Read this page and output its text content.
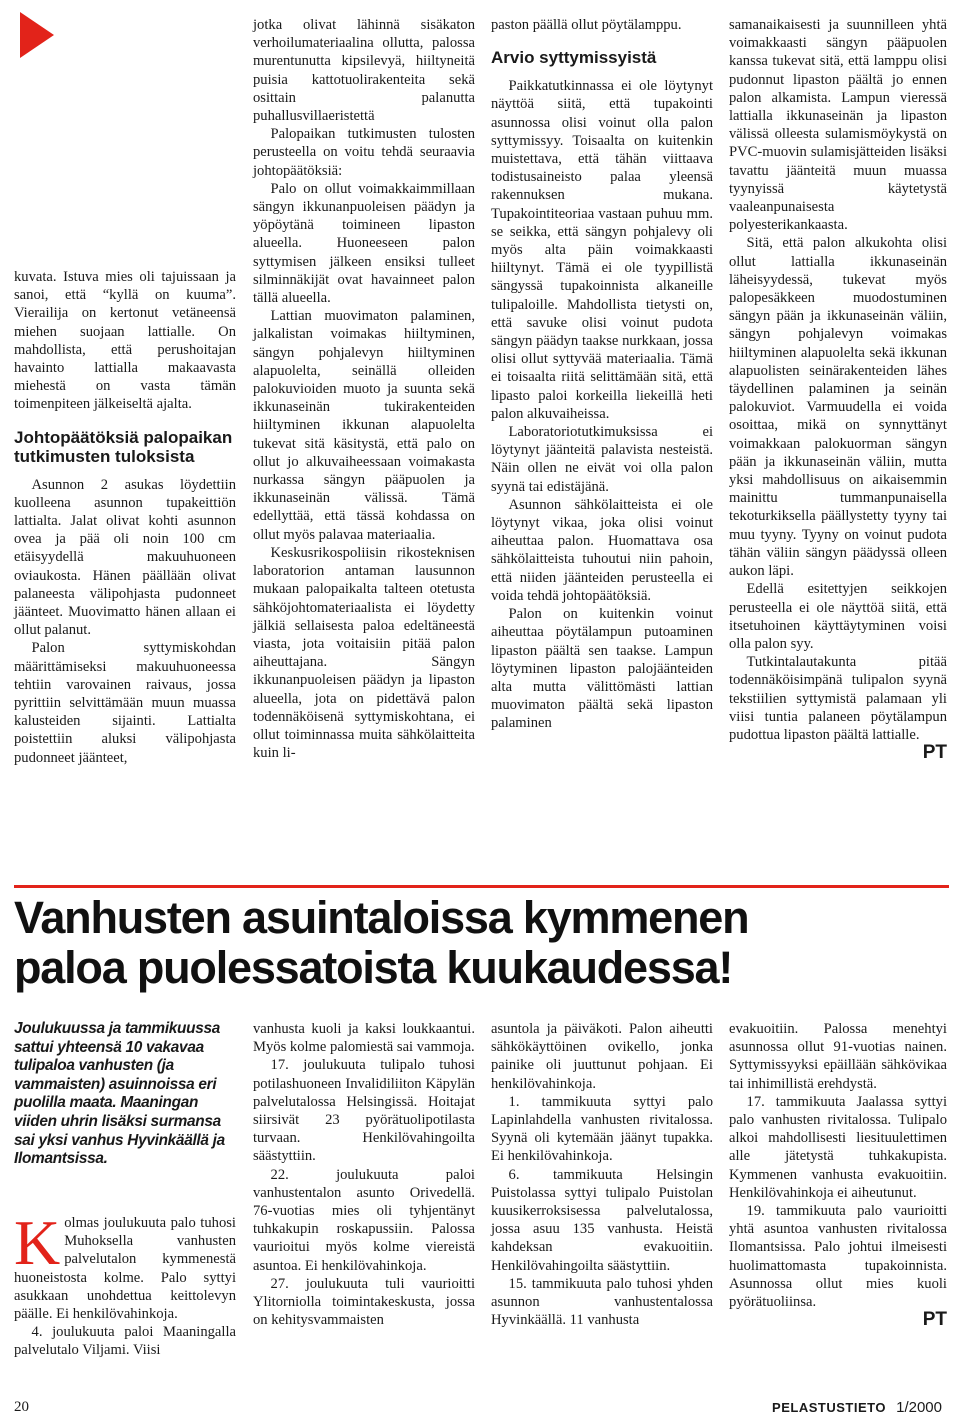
kuvata. Istuva mies oli tajuissaan ja sanoi, että “kyllä on kuuma”. Vierailija on kertonut vetäneensä miehen suojaan lattialle. On mahdollista, että perushoitajan havainto lattialla makaavasta miehestä on vasta tämän toimenpiteen jälkeiseltä ajalta.

Johtopäätöksiä palopaikan tutkimusten tuloksista

Asunnon 2 asukas löydettiin kuolleena asunnon tupakeittiön lattialta. Jalat olivat kohti asunnon ovea ja pää oli noin 100 cm etäisyydellä makuuhuoneen oviaukosta. Hänen päällään olivat palaneesta välipohjasta pudonneet jäänteet. Muovimatto hänen allaan ei ollut palanut.

Palon syttymiskohdan määrittämiseksi makuuhuoneessa tehtiin varovainen raivaus, jossa pyrittiin selvittämään muun muassa kalusteiden sijainti. Lattialta poistettiin aluksi välipohjasta pudonneet jäänteet,

jotka olivat lähinnä sisäkaton verhoilumateriaalina ollutta, palossa murentunutta kipsilevyä, hiiltyneitä puisia kattotuolirakenteita sekä osittain palanutta puhallusvillaeristettä

Palopaikan tutkimusten tulosten perusteella on voitu tehdä seuraavia johtopäätöksiä:

Palo on ollut voimakkaimmillaan sängyn ikkunanpuoleisen päädyn ja yöpöytänä toimineen lipaston alueella. Huoneeseen palon syttymisen jälkeen ensiksi tulleet silminnäkijät ovat havainneet palon tällä alueella.

Lattian muovimaton palaminen, jalkalistan voimakas hiiltyminen, sängyn pohjalevyn hiiltyminen alapuolelta, seinällä olleiden palokuvioiden muoto ja suunta sekä ikkunaseinän tukirakenteiden hiiltyminen ikkunan alapuolelta tukevat sitä käsitystä, että palo on ollut jo alkuvaiheessaan voimakasta nurkassa sängyn pääpuolen ja ikkunaseinän välissä. Tämä edellyttää, että tässä kohdassa on ollut myös palavaa materiaalia.

Keskusrikospoliisin rikosteknisen laboratorion antaman lausunnon mukaan palopaikalta talteen otetusta sähköjohtomateriaalista ei löydetty jälkiä sellaisesta paloa edeltäneestä viasta, jota voitaisiin pitää palon aiheuttajana. Sängyn ikkunanpuoleisen päädyn ja lipaston alueella, jota on pidettävä palon todennäköisenä syttymiskohtana, ei ollut toiminnassa muita sähkölaitteita kuin li-

paston päällä ollut pöytälamppu.

Arvio syttymissyistä

Paikkatutkinnassa ei ole löytynyt näyttöä siitä, että tupakointi asunnossa olisi voinut olla palon syttymissyy. Toisaalta on kuitenkin muistettava, että tähän viittaava todistusaineisto palaa yleensä rakennuksen mukana. Tupakointiteoriaa vastaan puhuu mm. se seikka, että sängyn pohjalevy oli myös alta päin voimakkaasti hiiltynyt. Tämä ei ole tyypillistä sängyssä tupakoinnista alkaneille tulipaloille. Mahdollista tietysti on, että savuke olisi voinut pudota sängyn päädyn taakse nurkkaan, jossa olisi ollut syttyvää materiaalia. Tämä ei toisaalta riitä selittämään sitä, että lipasto paloi korkeilla liekeillä heti palon alkuvaiheissa.

Laboratoriotutkimuksissa ei löytynyt jäänteitä palavista nesteistä. Näin ollen ne eivät voi olla palon syynä tai edistäjänä.

Asunnon sähkölaitteista ei ole löytynyt vikaa, joka olisi voinut aiheuttaa palon. Huomattava osa sähkölaitteista tuhoutui niin pahoin, että niiden jäänteiden perusteella ei voida tehdä johtopäätöksiä.

Palon on kuitenkin voinut aiheuttaa pöytälampun putoaminen lipaston päältä sen taakse. Lampun löytyminen lipaston palojäänteiden alta mutta välittömästi lattian muovimaton päältä sekä lipaston palaminen

samanaikaisesti ja suunnilleen yhtä voimakkaasti sängyn pääpuolen kanssa tukevat sitä, että lamppu olisi pudonnut lipaston päältä jo ennen palon alkamista. Lampun vieressä lattialla ikkunaseinän ja lipaston välissä olleesta sulamismöykystä on PVC-muovin sulamisjätteiden lisäksi tavattu jäänteitä muun muassa tyynyissä käytetystä vaaleanpunaisesta polyesterikankaasta.

Sitä, että palon alkukohta olisi ollut lattialla ikkunaseinän läheisyydessä, tukevat myös palopesäkkeen muodostuminen sängyn pään ja ikkunaseinän väliin, sängyn pohjalevyn voimakas hiiltyminen alapuolelta sekä ikkunan alapuolisten seinärakenteiden lähes täydellinen palaminen ja seinän palokuviot. Varmuudella ei voida osoittaa, mikä on synnyttänyt voimakkaan palokuorman sängyn pään ja ikkunaseinän väliin, mutta yksi mahdollisuus on aikaisemmin mainittu tummanpunaisella tekoturkiksella päällystetty tyyny tai muu tyyny. Tyyny on voinut pudota tähän väliin sängyn päädyssä olleen aukon läpi.

Edellä esitettyjen seikkojen perusteella ei ole näyttöä siitä, että itsetuhoinen käyttäytyminen voisi olla palon syy.

Tutkintalautakunta pitää todennäköisimpänä tulipalon syynä tekstiilien syttymistä palamaan yli viisi tuntia palaneen pöytälampun pudottua lipaston päältä lattialle.

PT
Vanhusten asuintaloissa kymmenen
paloa puolessatoista kuukaudessa!
Joulukuussa ja tammikuussa sattui yhteensä 10 vakavaa tulipaloa vanhusten (ja vammaisten) asuinnoissa eri puolilla maata. Maaningan viiden uhrin lisäksi surmansa sai yksi vanhus Hyvinkäällä ja Ilomantsissa.

Kolmas joulukuuta palo tuhosi Muhoksella vanhusten palvelutalon kymmenestä huoneistosta kolme. Palo syttyi asukkaan unohdettua keittolevyn päälle. Ei henkilövahinkoja.

4. joulukuuta paloi Maaningalla palvelutalo Viljami. Viisi

vanhusta kuoli ja kaksi loukkaantui. Myös kolme palomiestä sai vammoja.

17. joulukuuta tulipalo tuhosi potilashuoneen Invalidiliiton Käpylän palvelutalossa Helsingissä. Hoitajat siirsivät 23 pyörätuolipotilasta turvaan. Henkilövahingoilta säästyttiin.

22. joulukuuta paloi vanhustentalon asunto Orivedellä. 76-vuotias mies oli tyhjentänyt tuhkakupin roskapussiin. Palossa vaurioitui myös kolme viereistä asuntoa. Ei henkilövahinkoja.

27. joulukuuta tuli vaurioitti Ylitorniolla toimintakeskusta, jossa on kehitysvammaisten

asuntola ja päiväkoti. Palon aiheutti sähkökäyttöinen ovikello, jonka painike oli juuttunut pohjaan. Ei henkilövahinkoja.

1. tammikuuta syttyi palo Lapinlahdella vanhusten rivitalossa. Syynä oli kytemään jäänyt tupakka. Ei henkilövahinkoja.

6. tammikuuta Helsingin Puistolassa syttyi tulipalo Puistolan kuusikerroksisessa palvelutalossa, jossa asuu 135 vanhusta. Heistä kahdeksan evakuoitiin. Henkilövahingoilta säästyttiin.

15. tammikuuta palo tuhosi yhden asunnon vanhustentalossa Hyvinkäällä. 11 vanhusta

evakuoitiin. Palossa menehtyi asunnossa ollut 91-vuotias nainen. Syttymissyyksi epäillään sähkövikaa tai inhimillistä erehdystä.

17. tammikuuta Jaalassa syttyi palo vanhusten rivitalossa. Tulipalo alkoi mahdollisesti liesituulettimen alle jätetystä tuhkakupista. Kymmenen vanhusta evakuoitiin. Henkilövahinkoja ei aiheutunut.

19. tammikuuta palo vaurioitti yhtä asuntoa vanhusten rivitalossa Ilomantsissa. Palo johtui ilmeisesti huolimattomasta tupakoinnista. Asunnossa ollut mies kuoli pyörätuoliinsa.

PT
20	PELASTUSTIETO 1/2000
